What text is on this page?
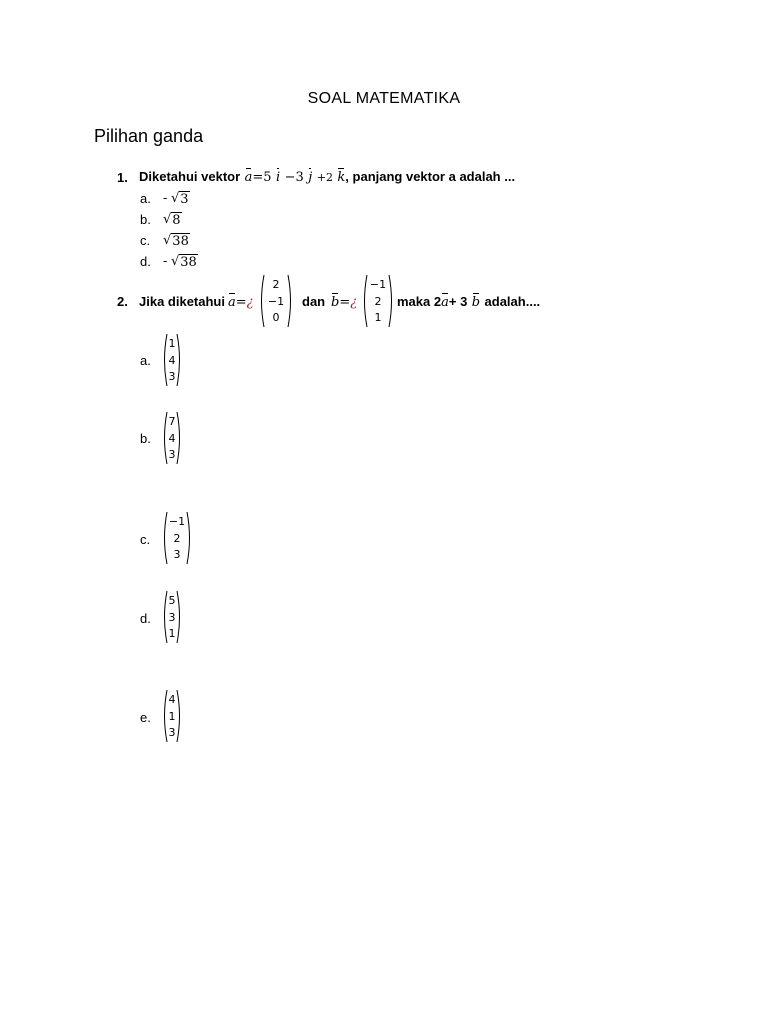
SOAL MATEMATIKA
Pilihan ganda
1. Diketahui vektor a=5 i −3 j +2 k, panjang vektor a adalah ...
a. - √ 3
b. √ 8
c. √ 38
d. - √ 38
2. Jika diketahui a=¿	dan b=¿	maka 2a+ 3 b adalah....
2
−1
0
−1
2
1
a.
1
4
3
b.
7
4
3
c.
−1
2
3
d.
5
3
1
e.
4
1
3
